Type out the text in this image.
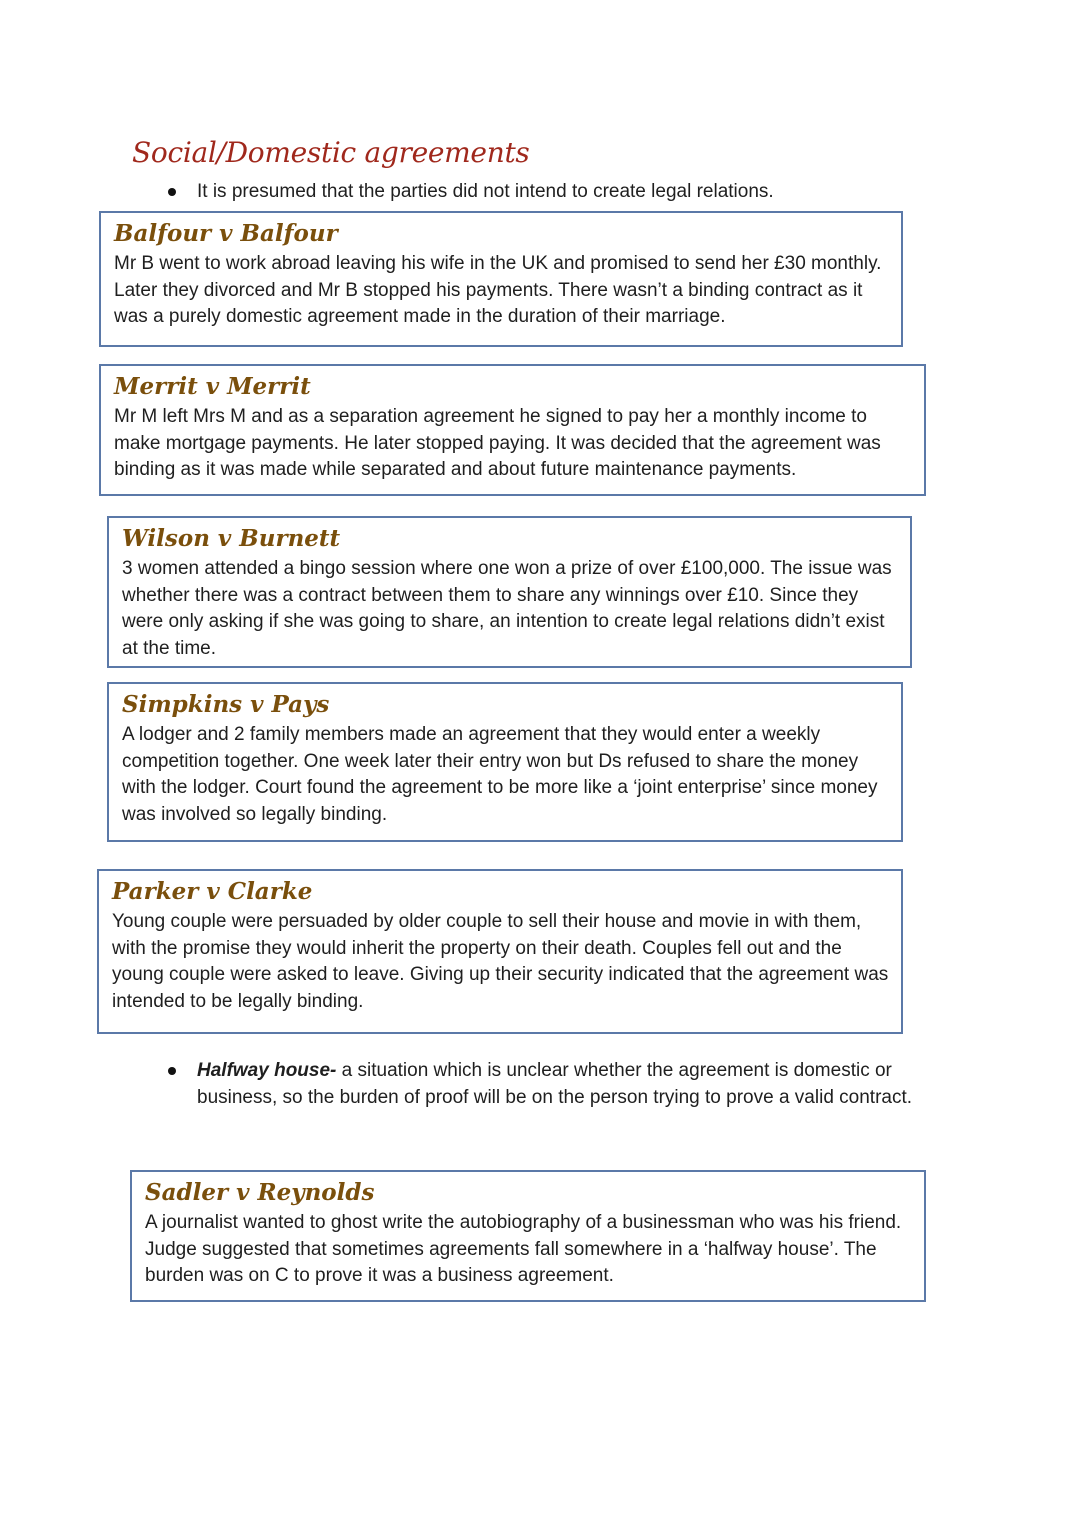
Social/Domestic agreements
It is presumed that the parties did not intend to create legal relations.
Balfour v Balfour

Mr B went to work abroad leaving his wife in the UK and promised to send her £30 monthly. Later they divorced and Mr B stopped his payments. There wasn’t a binding contract as it was a purely domestic agreement made in the duration of their marriage.

Merrit v Merrit

Mr M left Mrs M and as a separation agreement he signed to pay her a monthly income to make mortgage payments. He later stopped paying. It was decided that the agreement was binding as it was made while separated and about future maintenance payments.

Wilson v Burnett

3 women attended a bingo session where one won a prize of over £100,000. The issue was whether there was a contract between them to share any winnings over £10. Since they were only asking if she was going to share, an intention to create legal relations didn’t exist at the time.

Simpkins v Pays

A lodger and 2 family members made an agreement that they would enter a weekly competition together. One week later their entry won but Ds refused to share the money with the lodger. Court found the agreement to be more like a ‘joint enterprise’ since money was involved so legally binding.

Parker v Clarke

Young couple were persuaded by older couple to sell their house and movie in with them, with the promise they would inherit the property on their death. Couples fell out and the young couple were asked to leave. Giving up their security indicated that the agreement was intended to be legally binding.

Halfway house- a situation which is unclear whether the agreement is domestic or business, so the burden of proof will be on the person trying to prove a valid contract.
Sadler v Reynolds

A journalist wanted to ghost write the autobiography of a businessman who was his friend. Judge suggested that sometimes agreements fall somewhere in a ‘halfway house’. The burden was on C to prove it was a business agreement.
